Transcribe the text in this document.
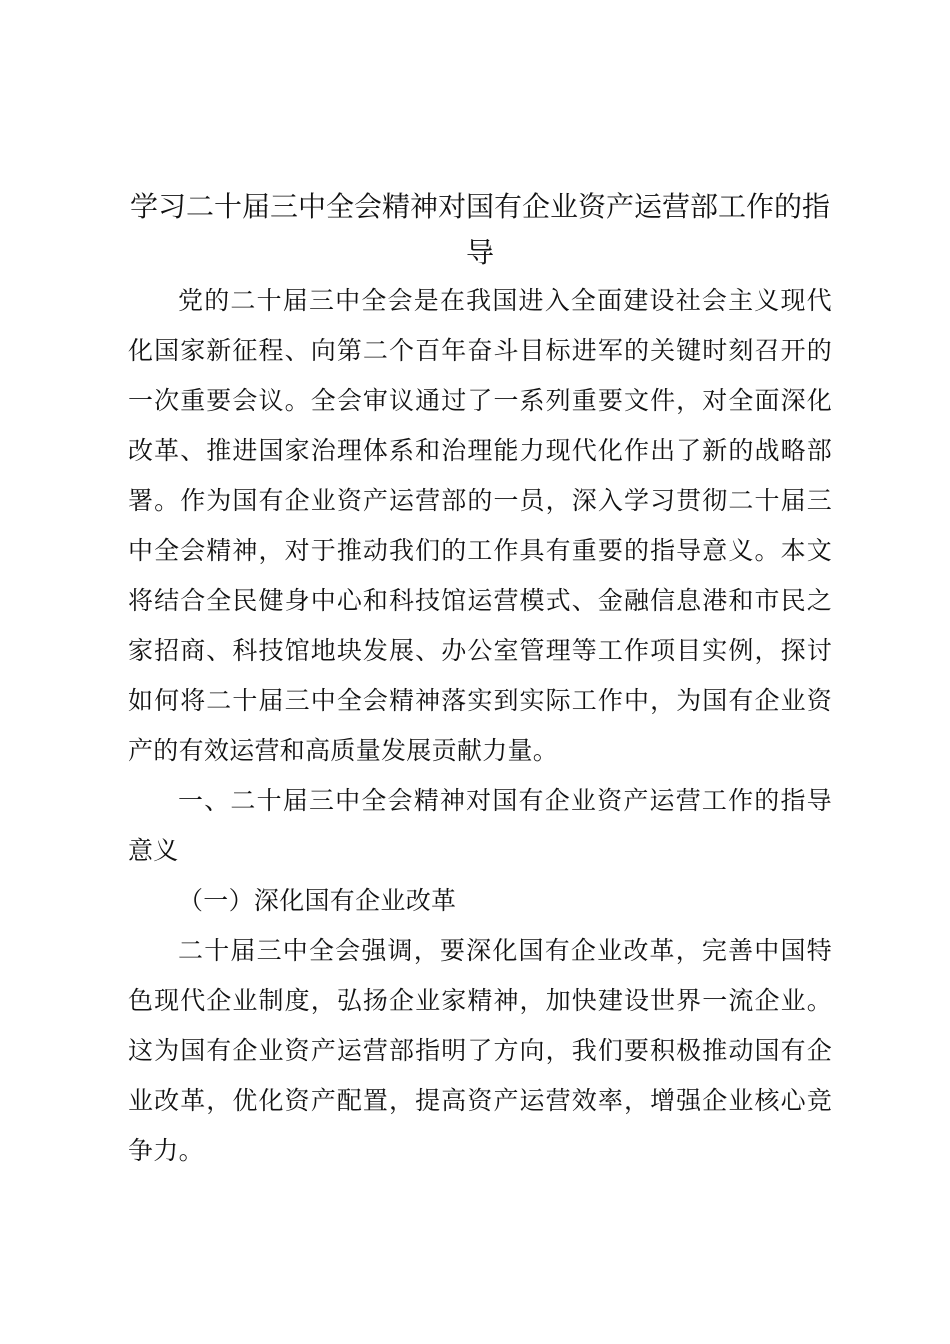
学习二十届三中全会精神对国有企业资产运营部工作的指导

党的二十届三中全会是在我国进入全面建设社会主义现代化国家新征程、向第二个百年奋斗目标进军的关键时刻召开的一次重要会议。全会审议通过了一系列重要文件，对全面深化改革、推进国家治理体系和治理能力现代化作出了新的战略部署。作为国有企业资产运营部的一员，深入学习贯彻二十届三中全会精神，对于推动我们的工作具有重要的指导意义。本文将结合全民健身中心和科技馆运营模式、金融信息港和市民之家招商、科技馆地块发展、办公室管理等工作项目实例，探讨如何将二十届三中全会精神落实到实际工作中，为国有企业资产的有效运营和高质量发展贡献力量。

一、二十届三中全会精神对国有企业资产运营工作的指导意义

（一）深化国有企业改革

二十届三中全会强调，要深化国有企业改革，完善中国特色现代企业制度，弘扬企业家精神，加快建设世界一流企业。这为国有企业资产运营部指明了方向，我们要积极推动国有企业改革，优化资产配置，提高资产运营效率，增强企业核心竞争力。
